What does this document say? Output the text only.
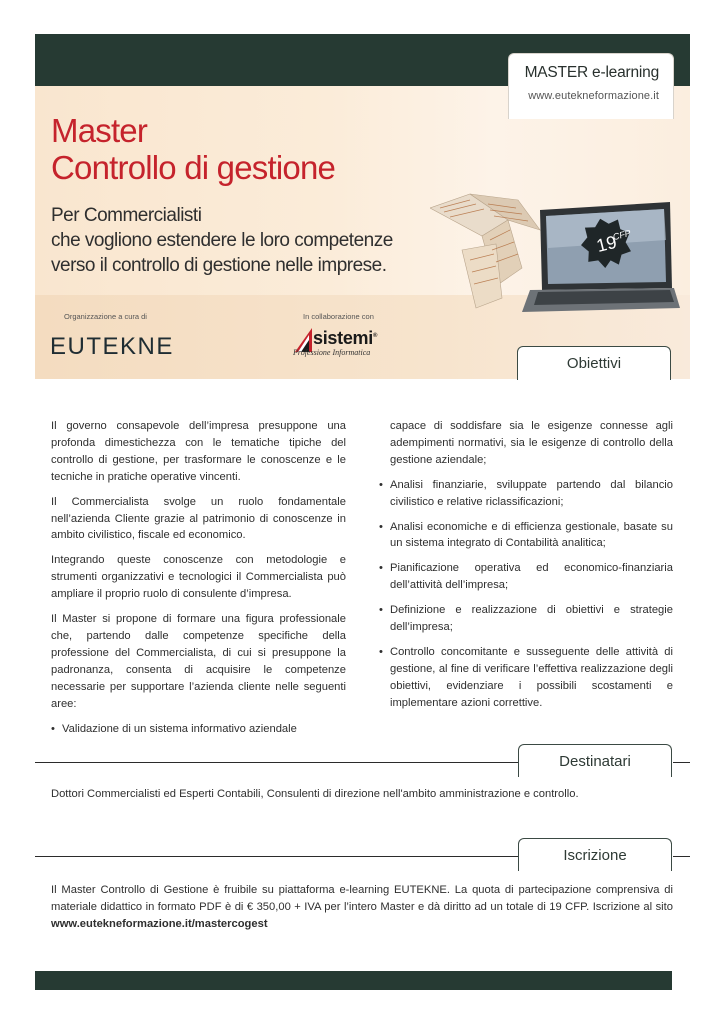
MASTER e-learning
www.eutekneformazione.it
Master
Controllo di gestione
Per Commercialisti
che vogliono estendere le loro competenze
verso il controllo di gestione nelle imprese.
19
CFP
Organizzazione a cura di	In collaborazione con
EUTEKNE	sistemi®
Professione Informatica
Obiettivi

Il governo consapevole dell’impresa presuppone una profonda dimestichezza con le tematiche tipiche del controllo di gestione, per trasformare le conoscenze e le tecniche in pratiche operative vincenti.

Il Commercialista svolge un ruolo fondamentale nell’azienda Cliente grazie al patrimonio di conoscenze in ambito civilistico, fiscale ed economico.

Integrando queste conoscenze con metodologie e strumenti organizzativi e tecnologici il Commercialista può ampliare il proprio ruolo di consulente d’impresa.

Il Master si propone di formare una figura professionale che, partendo dalle competenze specifiche della professione del Commercialista, di cui si presuppone la padronanza, consenta di acquisire le competenze necessarie per supportare l’azienda cliente nelle seguenti aree:

• Validazione di un sistema informativo aziendale

capace di soddisfare sia le esigenze connesse agli adempimenti normativi, sia le esigenze di controllo della gestione aziendale;

• Analisi finanziarie, sviluppate partendo dal bilancio civilistico e relative riclassificazioni;
• Analisi economiche e di efficienza gestionale, basate su un sistema integrato di Contabilità analitica;
• Pianificazione operativa ed economico-finanziaria dell’attività dell’impresa;
• Definizione e realizzazione di obiettivi e strategie dell’impresa;
• Controllo concomitante e susseguente delle attività di gestione, al fine di verificare l’effettiva realizzazione degli obiettivi, evidenziare i possibili scostamenti e implementare azioni correttive.
Destinatari
Dottori Commercialisti ed Esperti Contabili, Consulenti di direzione nell'ambito amministrazione e controllo.
Iscrizione
Il Master Controllo di Gestione è fruibile su piattaforma e-learning EUTEKNE. La quota di partecipazione comprensiva di materiale didattico in formato PDF è di € 350,00 + IVA per l’intero Master e dà diritto ad un totale di 19 CFP. Iscrizione al sito www.eutekneformazione.it/mastercogest
